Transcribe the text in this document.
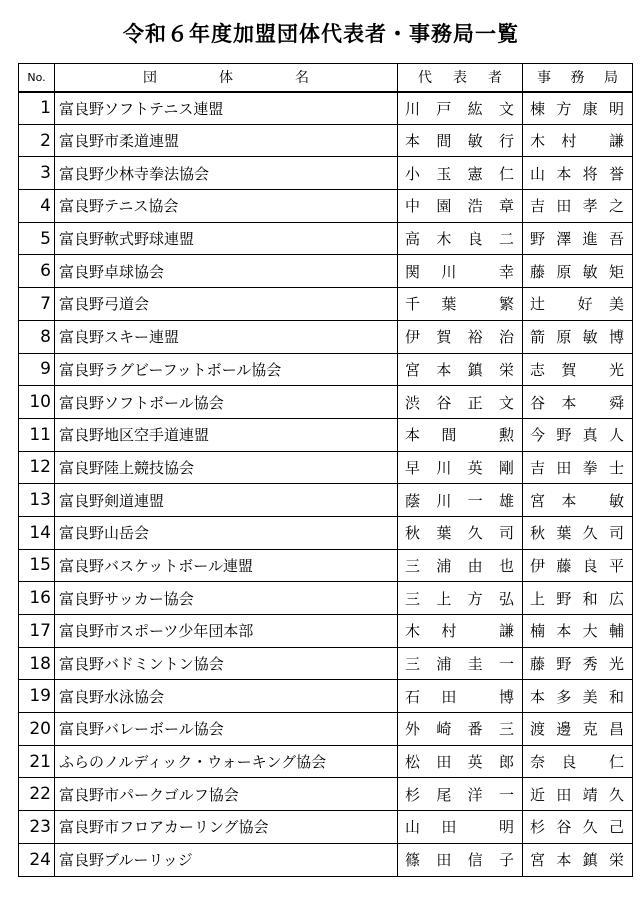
令和６年度加盟団体代表者・事務局一覧
No.	団 体 名	代 表 者	事 務 局

1	富良野ソフトテニス連盟	川 戸 紘 文	棟 方 康 明

2	富良野市柔道連盟	本 間 敏 行	木 村 謙

3	富良野少林寺拳法協会	小 玉 憲 仁	山 本 将 誉

4	富良野テニス協会	中 園 浩 章	吉 田 孝 之

5	富良野軟式野球連盟	高 木 良 二	野 澤 進 吾

6	富良野卓球協会	関 川 幸	藤 原 敏 矩

7	富良野弓道会	千 葉 繁	辻 好 美

8	富良野スキー連盟	伊 賀 裕 治	箭 原 敏 博

9	富良野ラグビーフットボール協会	宮 本 鎮 栄	志 賀 光

10	富良野ソフトボール協会	渋 谷 正 文	谷 本 舜

11	富良野地区空手道連盟	本 間 勲	今 野 真 人

12	富良野陸上競技協会	早 川 英 剛	吉 田 拳 士

13	富良野剣道連盟	蔭 川 一 雄	宮 本 敏

14	富良野山岳会	秋 葉 久 司	秋 葉 久 司

15	富良野バスケットボール連盟	三 浦 由 也	伊 藤 良 平

16	富良野サッカー協会	三 上 方 弘	上 野 和 広

17	富良野市スポーツ少年団本部	木 村 謙	楠 本 大 輔

18	富良野バドミントン協会	三 浦 圭 一	藤 野 秀 光

19	富良野水泳協会	石 田 博	本 多 美 和

20	富良野バレーボール協会	外 崎 番 三	渡 邊 克 昌

21	ふらのノルディック・ウォーキング協会	松 田 英 郎	奈 良 仁

22	富良野市パークゴルフ協会	杉 尾 洋 一	近 田 靖 久

23	富良野市フロアカーリング協会	山 田 明	杉 谷 久 己

24	富良野ブルーリッジ	篠 田 信 子	宮 本 鎮 栄
